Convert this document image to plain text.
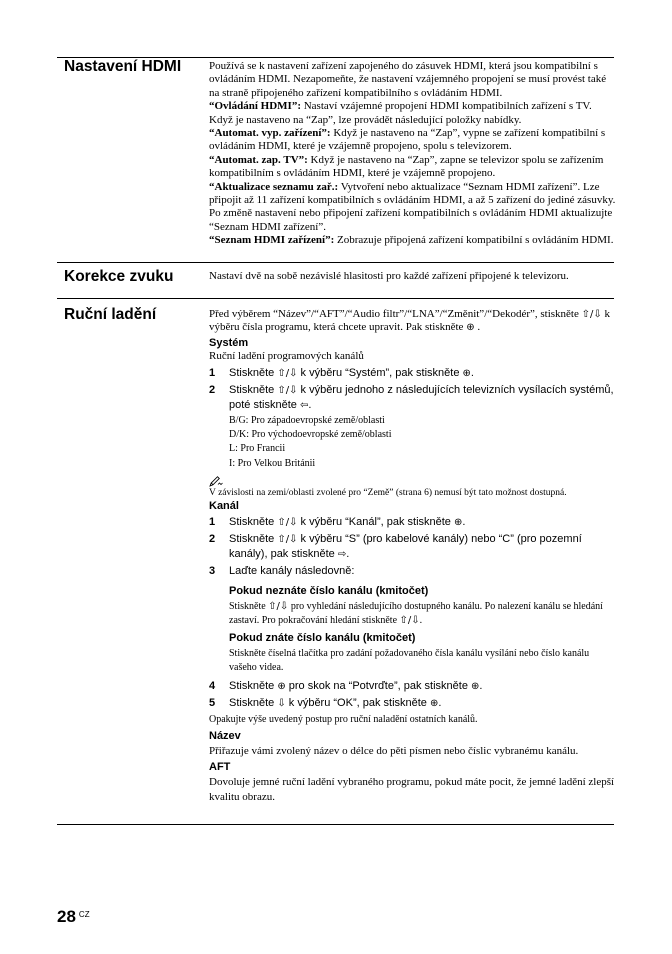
Nastavení HDMI	Používá se k nastavení zařízení zapojeného do zásuvek HDMI, která jsou kompatibilní s ovládáním HDMI. Nezapomeňte, že nastavení vzájemného propojení se musí provést také na straně připojeného zařízení kompatibilního s ovládáním HDMI.
“Ovládání HDMI”: Nastaví vzájemné propojení HDMI kompatibilních zařízení s TV. Když je nastaveno na “Zap”, lze provádět následující položky nabídky.
“Automat. vyp. zařízení”: Když je nastaveno na “Zap”, vypne se zařízení kompatibilní s ovládáním HDMI, které je vzájemně propojeno, spolu s televizorem.
“Automat. zap. TV”: Když je nastaveno na “Zap”, zapne se televizor spolu se zařízením kompatibilním s ovládáním HDMI, které je vzájemně propojeno.
“Aktualizace seznamu zař.: Vytvoření nebo aktualizace “Seznam HDMI zařízení”. Lze připojit až 11 zařízení kompatibilních s ovládáním HDMI, a až 5 zařízení do jediné zásuvky. Po změně nastavení nebo připojení zařízení kompatibilních s ovládáním HDMI aktualizujte “Seznam HDMI zařízení”.
“Seznam HDMI zařízení”: Zobrazuje připojená zařízení kompatibilní s ovládáním HDMI.
Korekce zvuku	Nastaví dvě na sobě nezávislé hlasitosti pro každé zařízení připojené k televizoru.
Ruční ladění	Před výběrem “Název”/“AFT”/“Audio filtr”/“LNA”/“Změnit”/“Dekodér”, stiskněte ⇧/⇩ k výběru čísla programu, která chcete upravit. Pak stiskněte ⊕ .
Systém
Ruční ladění programových kanálů
1	Stiskněte ⇧/⇩ k výběru “Systém”, pak stiskněte ⊕ .
2	Stiskněte ⇧/⇩ k výběru jednoho z následujících televizních vysílacích systémů, poté stiskněte ⇦ .
B/G: Pro západoevropské země/oblasti
D/K: Pro východoevropské země/oblasti
L: Pro Francii
I: Pro Velkou Británii
V závislosti na zemi/oblasti zvolené pro “Země” (strana 6) nemusí být tato možnost dostupná.
Kanál
1	Stiskněte ⇧/⇩ k výběru “Kanál”, pak stiskněte ⊕ .
2	Stiskněte ⇧/⇩ k výběru “S” (pro kabelové kanály) nebo “C” (pro pozemní kanály), pak stiskněte ⇨ .
3	Laďte kanály následovně:
Pokud neznáte číslo kanálu (kmitočet)
Stiskněte ⇧/⇩	pro vyhledání následujícího dostupného kanálu. Po nalezení kanálu se hledání zastaví. Pro pokračování hledání stiskněte ⇧/⇩ .
Pokud znáte číslo kanálu (kmitočet)
Stiskněte číselná tlačítka pro zadání požadovaného čísla kanálu vysílání nebo číslo kanálu vašeho videa.
4	Stiskněte ⊕ pro skok na “Potvrďte”, pak stiskněte ⊕ .
5	Stiskněte ⇩ k výběru “OK”, pak stiskněte ⊕ .
Opakujte výše uvedený postup pro ruční naladění ostatních kanálů.
Název
Přiřazuje vámi zvolený název o délce do pěti písmen nebo číslic vybranému kanálu.
AFT
Dovoluje jemné ruční ladění vybraného programu, pokud máte pocit, že jemné ladění zlepší kvalitu obrazu.
28 $^{CZ}$
